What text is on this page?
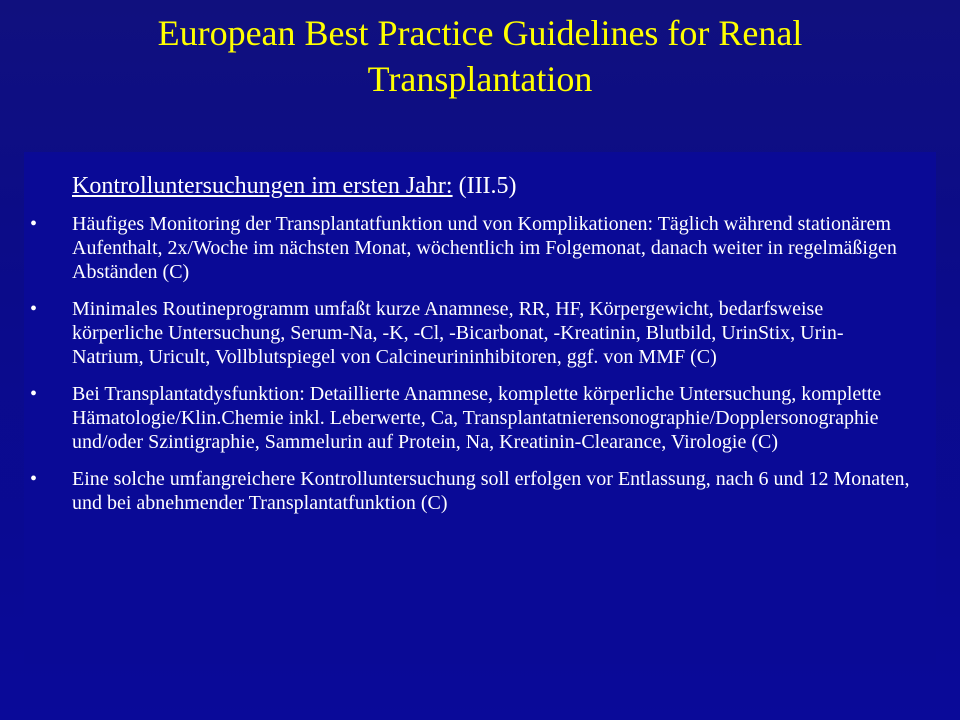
European Best Practice Guidelines for Renal
Transplantation
Kontrolluntersuchungen im ersten Jahr: (III.5)
• Häufiges Monitoring der Transplantatfunktion und von Komplikationen: Täglich während stationärem Aufenthalt, 2x/Woche im nächsten Monat, wöchentlich im Folgemonat, danach weiter in regelmäßigen Abständen (C)
• Minimales Routineprogramm umfaßt kurze Anamnese, RR, HF, Körpergewicht, bedarfsweise körperliche Untersuchung, Serum-Na, -K, -Cl, -Bicarbonat, -Kreatinin, Blutbild, UrinStix, Urin-Natrium, Uricult, Vollblutspiegel von Calcineurininhibitoren, ggf. von MMF (C)
• Bei Transplantatdysfunktion: Detaillierte Anamnese, komplette körperliche Untersuchung, komplette Hämatologie/Klin.Chemie inkl. Leberwerte, Ca, Transplantatnierensonographie/Dopplersonographie und/oder Szintigraphie, Sammelurin auf Protein, Na, Kreatinin-Clearance, Virologie (C)
• Eine solche umfangreichere Kontrolluntersuchung soll erfolgen vor Entlassung, nach 6 und 12 Monaten, und bei abnehmender Transplantatfunktion (C)
